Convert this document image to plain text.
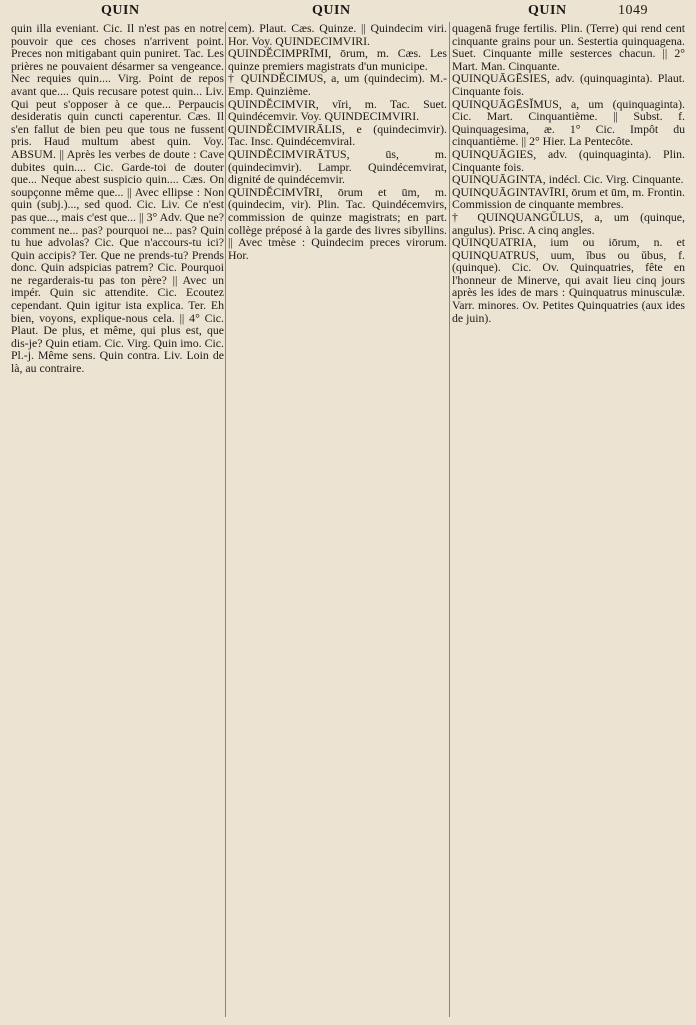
QUIN	QUIN	QUIN	1049

quin illa eveniant. Cic. Il n'est pas en notre pouvoir que ces choses n'arrivent point. Preces non mitigabant quin puniret. Tac. Les prières ne pouvaient désarmer sa vengeance. Nec requies quin.... Virg. Point de repos avant que.... Quis recusare potest quin... Liv. Qui peut s'opposer à ce que... Perpaucis desideratis quin cuncti caperentur. Cæs. Il s'en fallut de bien peu que tous ne fussent pris. Haud multum abest quin. Voy. ABSUM. || Après les verbes de doute : Cave dubites quin.... Cic. Garde-toi de douter que... Neque abest suspicio quin.... Cæs. On soupçonne même que... || Avec ellipse : Non quin (subj.)..., sed quod. Cic. Liv. Ce n'est pas que..., mais c'est que... || 3° Adv. Que ne? comment ne... pas? pourquoi ne... pas? Quin tu hue advolas? Cic. Que n'accours-tu ici? Quin accipis? Ter. Que ne prends-tu? Prends donc. Quin adspicias patrem? Cic. Pourquoi ne regarderais-tu pas ton père? || Avec un impér. Quin sic attendite. Cic. Ecoutez cependant. Quin igitur ista explica. Ter. Eh bien, voyons, explique-nous cela. || 4° Cic. Plaut. De plus, et même, qui plus est, que dis-je? Quin etiam. Cic. Virg. Quin imo. Cic. Pl.-j. Même sens. Quin contra. Liv. Loin de là, au contraire.

cem). Plaut. Cæs. Quinze. || Quindecim viri. Hor. Voy. QUINDECIMVIRI.

QUINDĔCIMPRĪMI, ōrum, m. Cæs. Les quinze premiers magistrats d'un municipe.

† QUINDĔCIMUS, a, um (quindecim). M.-Emp. Quinzième.

QUINDĔCIMVIR, vĭri, m. Tac. Suet. Quindécemvir. Voy. QUINDECIMVIRI.

QUINDĔCIMVIRĀLIS, e (quindecimvir). Tac. Insc. Quindécemviral.

QUINDĔCIMVIRĀTUS, ūs, m. (quindecimvir). Lampr. Quindécemvirat, dignité de quindécemvir.

QUINDĔCIMVĪRI, ōrum et ūm, m. (quindecim, vir). Plin. Tac. Quindécemvirs, commission de quinze magistrats; en part. collège préposé à la garde des livres sibyllins. || Avec tmèse : Quindecim preces virorum. Hor.

quagenā fruge fertilis. Plin. (Terre) qui rend cent cinquante grains pour un. Sestertia quinquagena. Suet. Cinquante mille sesterces chacun. || 2° Mart. Man. Cinquante.

QUINQUĀGĒSIES, adv. (quinquaginta). Plaut. Cinquante fois.

QUINQUĀGĒSĬMUS, a, um (quinquaginta). Cic. Mart. Cinquantième. || Subst. f. Quinquagesima, æ. 1° Cic. Impôt du cinquantième. || 2° Hier. La Pentecôte.

QUINQUĀGIES, adv. (quinquaginta). Plin. Cinquante fois.

QUINQUĀGINTA, indécl. Cic. Virg. Cinquante.

QUINQUĀGINTAVĪRI, ōrum et ūm, m. Frontin. Commission de cinquante membres.

† QUINQUANGŬLUS, a, um (quinque, angulus). Prisc. A cinq angles.

QUINQUATRIA, ium ou iōrum, n. et QUINQUATRUS, uum, ĭbus ou ŭbus, f. (quinque). Cic. Ov. Quinquatries, fête en l'honneur de Minerve, qui avait lieu cinq jours après les ides de mars : Quinquatrus minusculæ. Varr. minores. Ov. Petites Quinquatries (aux ides de juin).
